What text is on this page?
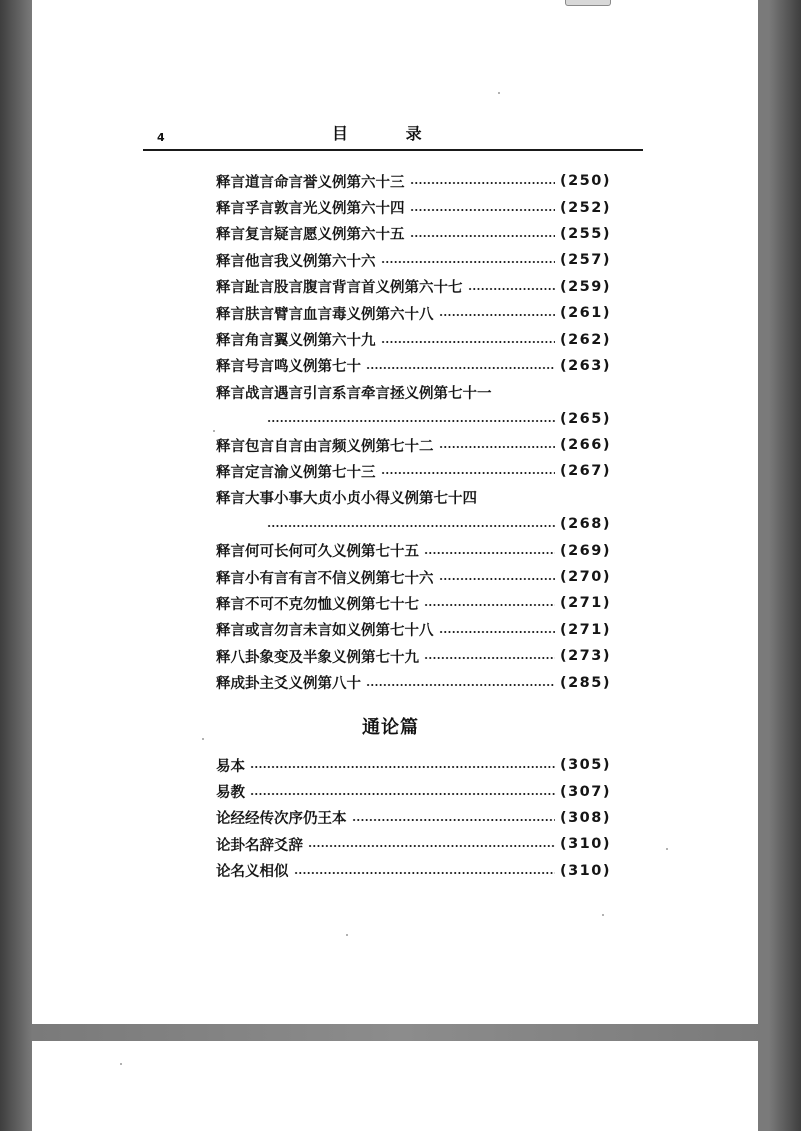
4	目 录
释言道言命言誉义例第六十三	(250)
释言孚言敦言光义例第六十四	(252)
释言复言疑言愿义例第六十五	(255)
释言他言我义例第六十六	(257)
释言趾言股言腹言背言首义例第六十七	(259)
释言肤言臂言血言毒义例第六十八	(261)
释言角言翼义例第六十九	(262)
释言号言鸣义例第七十	(263)
释言战言遇言引言系言牵言拯义例第七十一
(265)
释言包言自言由言频义例第七十二	(266)
释言定言渝义例第七十三	(267)
释言大事小事大贞小贞小得义例第七十四
(268)
释言何可长何可久义例第七十五	(269)
释言小有言有言不信义例第七十六	(270)
释言不可不克勿恤义例第七十七	(271)
释言或言勿言未言如义例第七十八	(271)
释八卦象变及半象义例第七十九	(273)
释成卦主爻义例第八十	(285)
通论篇
易本	(305)
易教	(307)
论经经传次序仍王本	(308)
论卦名辞爻辞	(310)
论名义相似	(310)
